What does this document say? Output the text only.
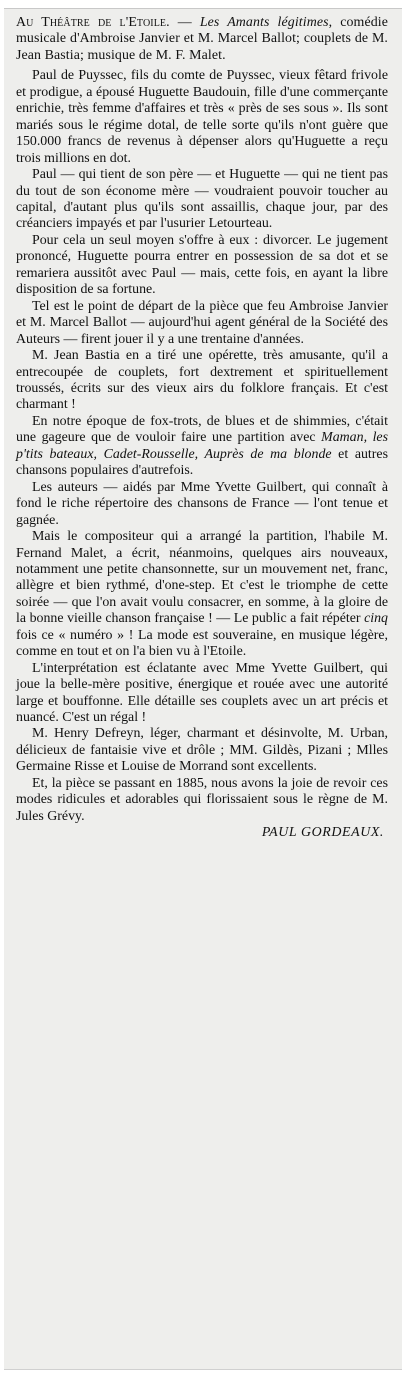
Au Théâtre de l'Etoile. — Les Amants légitimes, comédie musicale d'Ambroise Janvier et M. Marcel Ballot; couplets de M. Jean Bastia; musique de M. F. Malet.

Paul de Puyssec, fils du comte de Puyssec, vieux fêtard frivole et prodigue, a épousé Huguette Baudouin, fille d'une commerçante enrichie, très femme d'affaires et très « près de ses sous ». Ils sont mariés sous le régime dotal, de telle sorte qu'ils n'ont guère que 150.000 francs de revenus à dépenser alors qu'Huguette a reçu trois millions en dot.

Paul — qui tient de son père — et Huguette — qui ne tient pas du tout de son économe mère — voudraient pouvoir toucher au capital, d'autant plus qu'ils sont assaillis, chaque jour, par des créanciers impayés et par l'usurier Letourteau.

Pour cela un seul moyen s'offre à eux : divorcer. Le jugement prononcé, Huguette pourra entrer en possession de sa dot et se remariera aussitôt avec Paul — mais, cette fois, en ayant la libre disposition de sa fortune.

Tel est le point de départ de la pièce que feu Ambroise Janvier et M. Marcel Ballot — aujourd'hui agent général de la Société des Auteurs — firent jouer il y a une trentaine d'années.

M. Jean Bastia en a tiré une opérette, très amusante, qu'il a entrecoupée de couplets, fort dextrement et spirituellement troussés, écrits sur des vieux airs du folklore français. Et c'est charmant !

En notre époque de fox-trots, de blues et de shimmies, c'était une gageure que de vouloir faire une partition avec Maman, les p'tits bateaux, Cadet-Rousselle, Auprès de ma blonde et autres chansons populaires d'autrefois.

Les auteurs — aidés par Mme Yvette Guilbert, qui connaît à fond le riche répertoire des chansons de France — l'ont tenue et gagnée.

Mais le compositeur qui a arrangé la partition, l'habile M. Fernand Malet, a écrit, néanmoins, quelques airs nouveaux, notamment une petite chansonnette, sur un mouvement net, franc, allègre et bien rythmé, d'one-step. Et c'est le triomphe de cette soirée — que l'on avait voulu consacrer, en somme, à la gloire de la bonne vieille chanson française ! — Le public a fait répéter cinq fois ce « numéro » ! La mode est souveraine, en musique légère, comme en tout et on l'a bien vu à l'Etoile.

L'interprétation est éclatante avec Mme Yvette Guilbert, qui joue la belle-mère positive, énergique et rouée avec une autorité large et bouffonne. Elle détaille ses couplets avec un art précis et nuancé. C'est un régal !

M. Henry Defreyn, léger, charmant et désinvolte, M. Urban, délicieux de fantaisie vive et drôle ; MM. Gildès, Pizani ; Mlles Germaine Risse et Louise de Morrand sont excellents.

Et, la pièce se passant en 1885, nous avons la joie de revoir ces modes ridicules et adorables qui florissaient sous le règne de M. Jules Grévy.

PAUL GORDEAUX.
